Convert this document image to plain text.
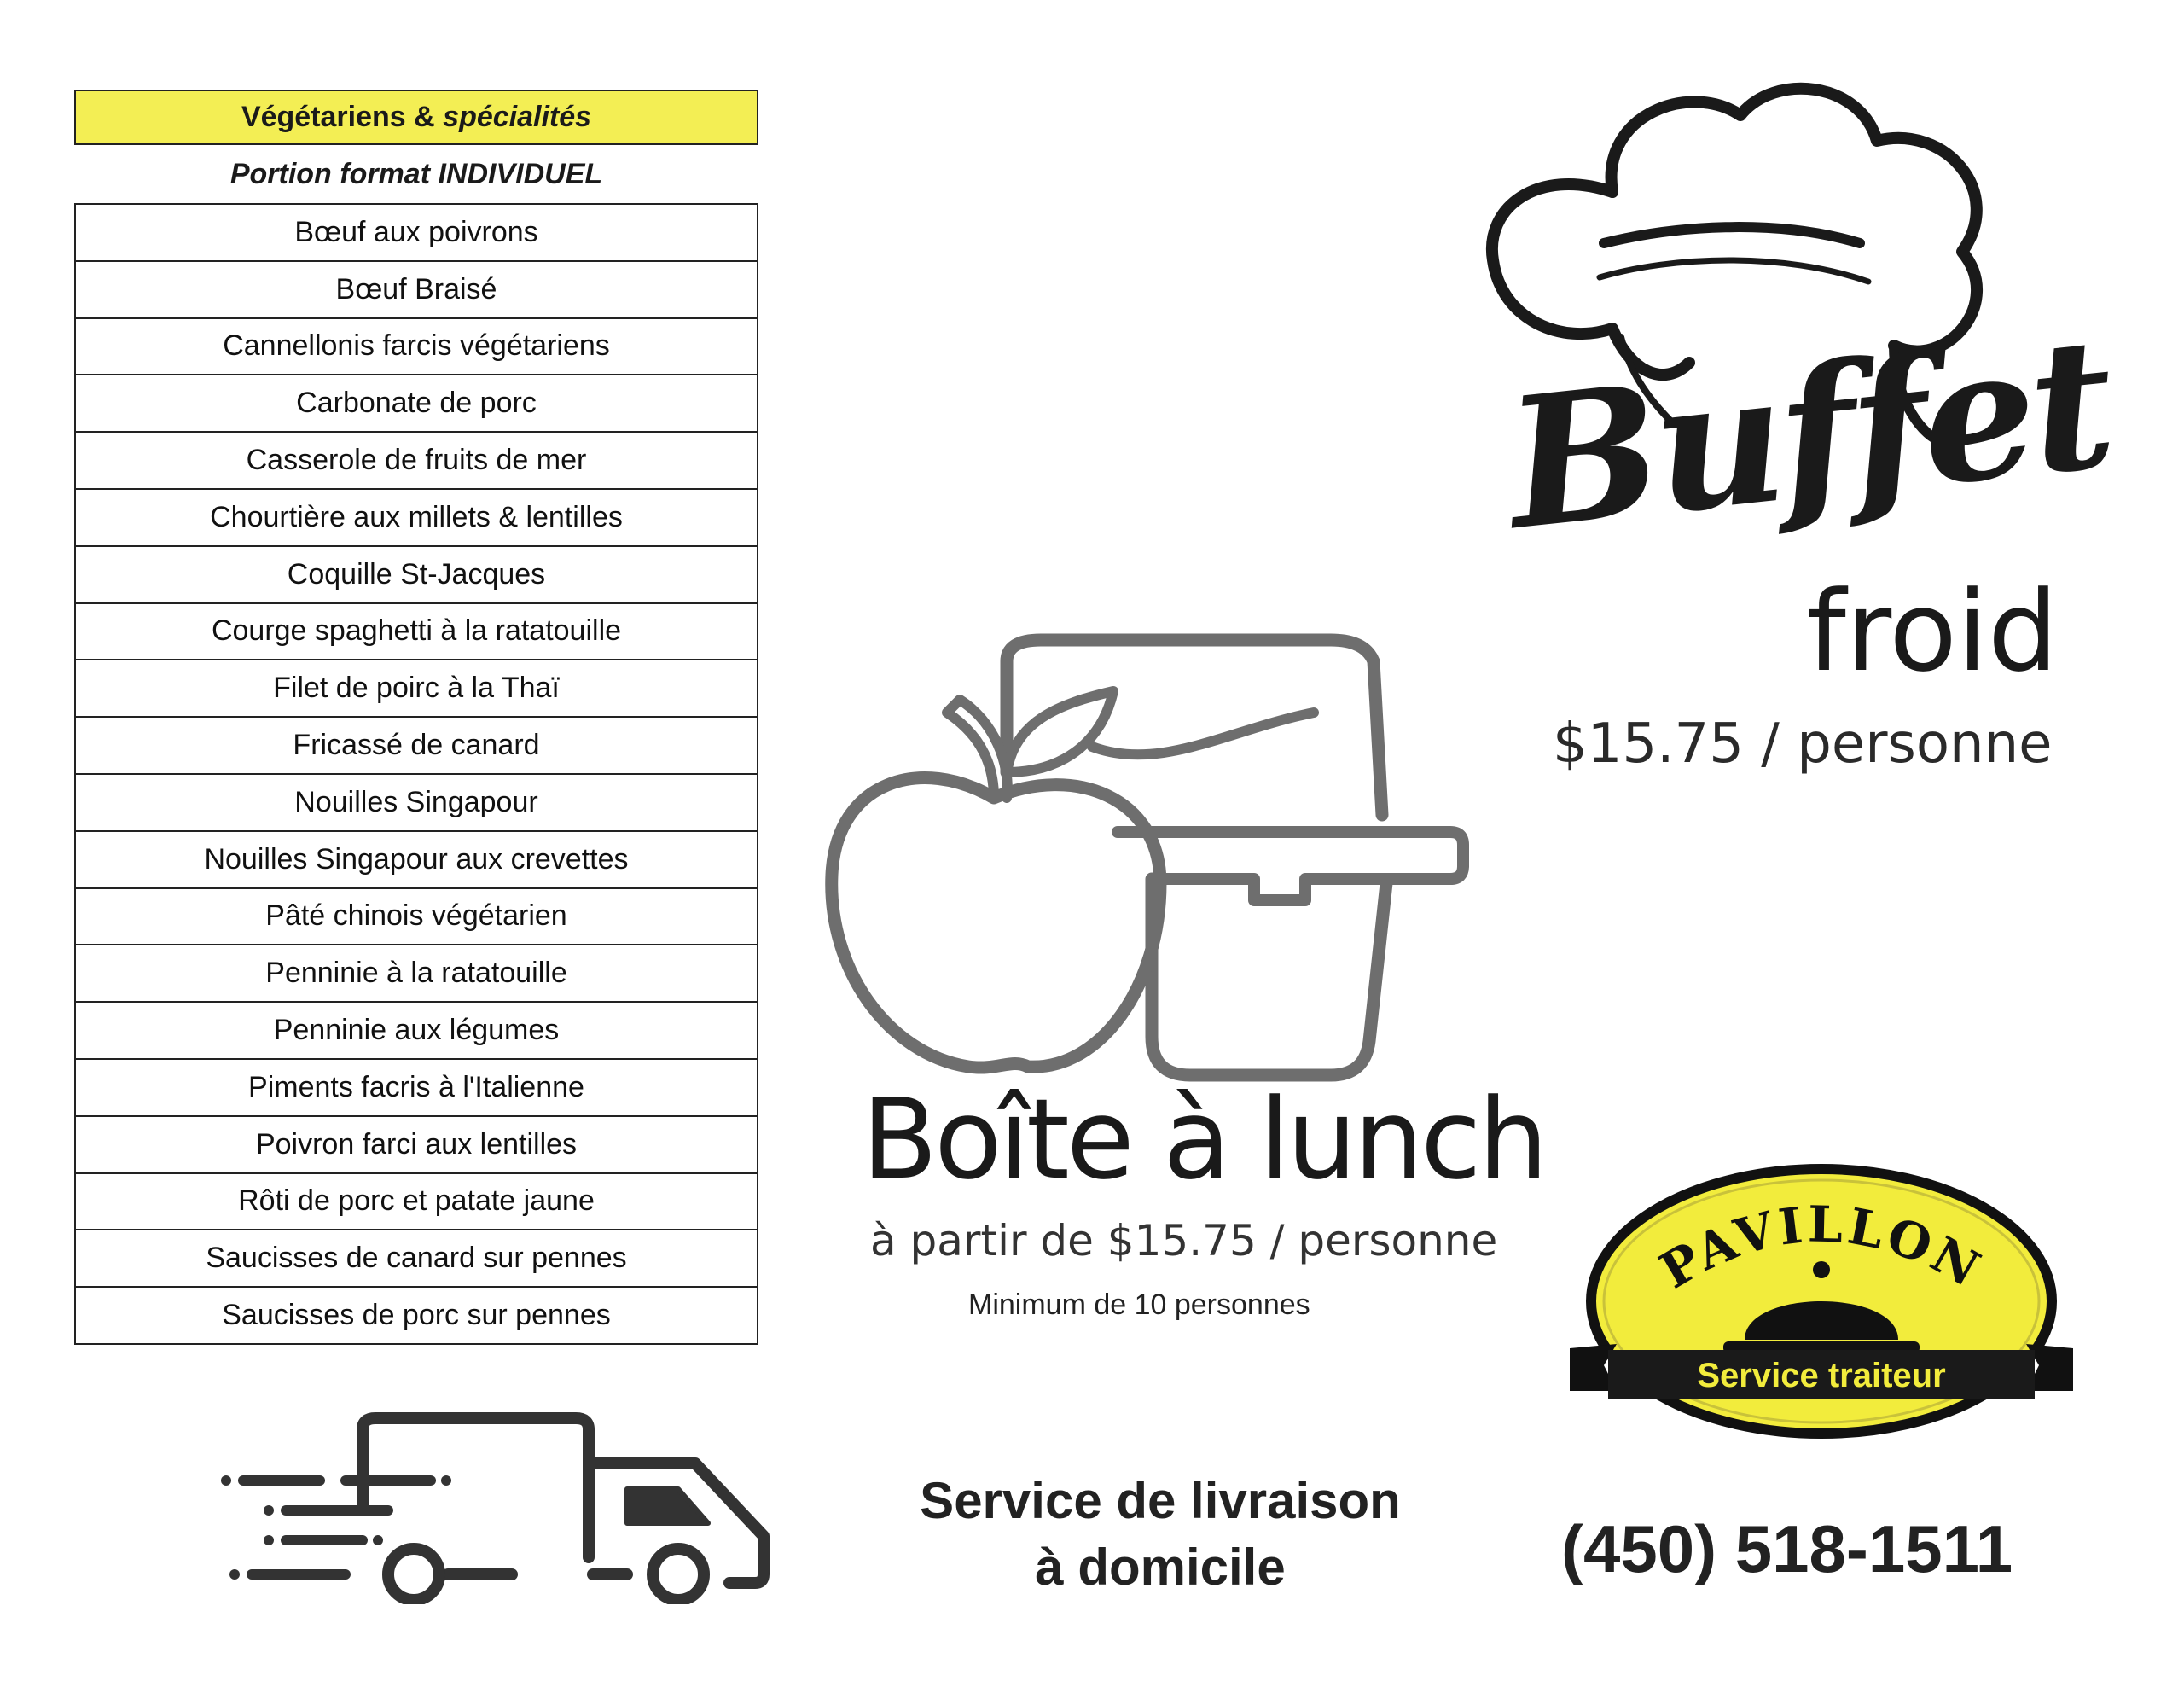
Végétariens &
spécialités
Portion format INDIVIDUEL
Bœuf aux poivrons
Bœuf Braisé
Cannellonis farcis végétariens
Carbonate de porc
Casserole de fruits de mer
Chourtière aux millets & lentilles
Coquille St-Jacques
Courge spaghetti à la ratatouille
Filet de poirc à la Thaï
Fricassé de canard
Nouilles Singapour
Nouilles Singapour aux crevettes
Pâté chinois végétarien
Penninie à la ratatouille
Penninie aux légumes
Piments facris à l'Italienne
Poivron farci aux lentilles
Rôti de porc et patate jaune
Saucisses de canard sur pennes
Saucisses de porc sur pennes
Buffet
froid
$15.75 / personne
Boîte à lunch
à partir de $15.75 / personne
Minimum de 10 personnes
PAVILLON
Service traiteur
(450) 518-1511
Service de livraison
à domicile
